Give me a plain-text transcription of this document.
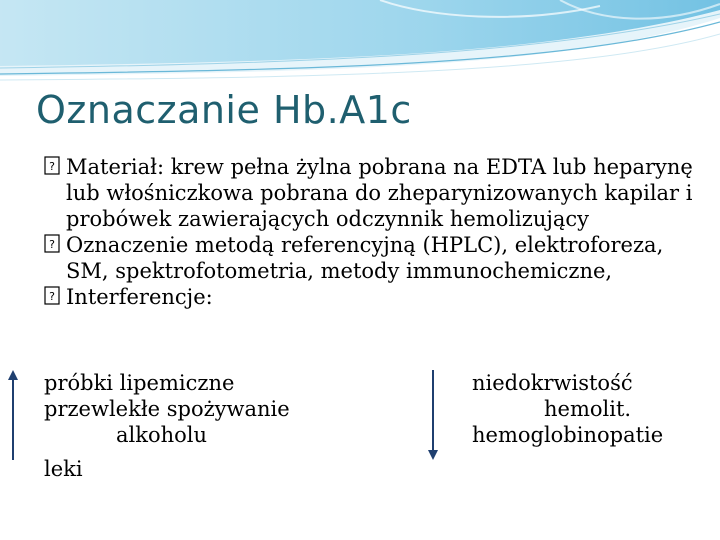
Oznaczanie Hb.A1c
? Materiał: krew pełna żylna pobrana na EDTA lub heparynę lub włośniczkowa pobrana do zheparynizowanych kapilar i probówek zawierających odczynnik hemolizujący
? Oznaczenie metodą referencyjną (HPLC), elektroforeza, SM, spektrofotometria, metody immunochemiczne,
? Interferencje:
próbki lipemiczne
przewlekłe spożywanie
alkoholu
leki
niedokrwistość
hemolit.
hemoglobinopatie
